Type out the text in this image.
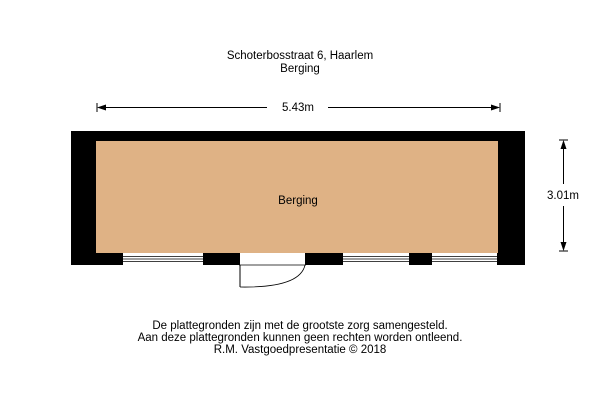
Schoterbosstraat 6, Haarlem
Berging
5.43m
3.01m
Berging
De plattegronden zijn met de grootste zorg samengesteld.
Aan deze plattegronden kunnen geen rechten worden ontleend.
R.M. Vastgoedpresentatie © 2018
